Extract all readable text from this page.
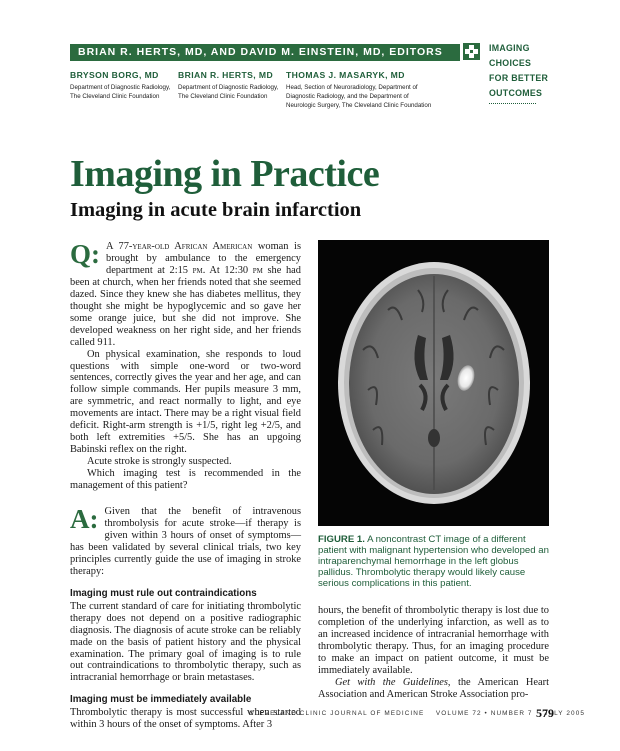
BRIAN R. HERTS, MD, AND DAVID M. EINSTEIN, MD, EDITORS	IMAGING
CHOICES
FOR BETTER
OUTCOMES
BRYSON BORG, MD
Department of Diagnostic Radiology,
The Cleveland Clinic Foundation
BRIAN R. HERTS, MD
Department of Diagnostic Radiology,
The Cleveland Clinic Foundation
THOMAS J. MASARYK, MD
Head, Section of Neuroradiology, Department of
Diagnostic Radiology, and the Department of
Neurologic Surgery, The Cleveland Clinic Foundation
Imaging in Practice
Imaging in acute brain infarction
Q: A 77-year-old African American woman is brought by ambulance to the emergency department at 2:15 pm. At 12:30 pm she had been at church, when her friends noted that she seemed dazed. Since they knew she has diabetes mellitus, they thought she might be hypoglycemic and so gave her some orange juice, but she did not improve. She developed weakness on her right side, and her friends called 911.

On physical examination, she responds to loud questions with simple one-word or two-word sentences, correctly gives the year and her age, and can follow simple commands. Her pupils measure 3 mm, are symmetric, and react normally to light, and eye movements are intact. There may be a right visual field deficit. Right-arm strength is +1/5, right leg +2/5, and both left extremities +5/5. She has an upgoing Babinski reflex on the right.

Acute stroke is strongly suspected.

Which imaging test is recommended in the management of this patient?

A: Given that the benefit of intravenous thrombolysis for acute stroke—if therapy is given within 3 hours of onset of symptoms—has been validated by several clinical trials, two key principles currently guide the use of imaging in stroke therapy:

Imaging must rule out contraindications

The current standard of care for initiating thrombolytic therapy does not depend on a positive radiographic diagnosis. The diagnosis of acute stroke can be reliably made on the basis of patient history and the physical examination. The primary goal of imaging is to rule out contraindications to thrombolytic therapy, such as intracranial hemorrhage or brain metastases.

Imaging must be immediately available

Thrombolytic therapy is most successful when started within 3 hours of the onset of symptoms. After 3

FIGURE 1. A noncontrast CT image of a different patient with malignant hypertension who developed an intraparenchymal hemorrhage in the left globus pallidus. Thrombolytic therapy would likely cause serious complications in this patient.

hours, the benefit of thrombolytic therapy is lost due to completion of the underlying infarction, as well as to an increased incidence of intracranial hemorrhage with thrombolytic therapy. Thus, for an imaging procedure to make an impact on patient outcome, it must be immediately available.

Get with the Guidelines, the American Heart Association and American Stroke Association pro-

CLEVELAND CLINIC JOURNAL OF MEDICINE VOLUME 72 • NUMBER 7 JULY 2005
579
